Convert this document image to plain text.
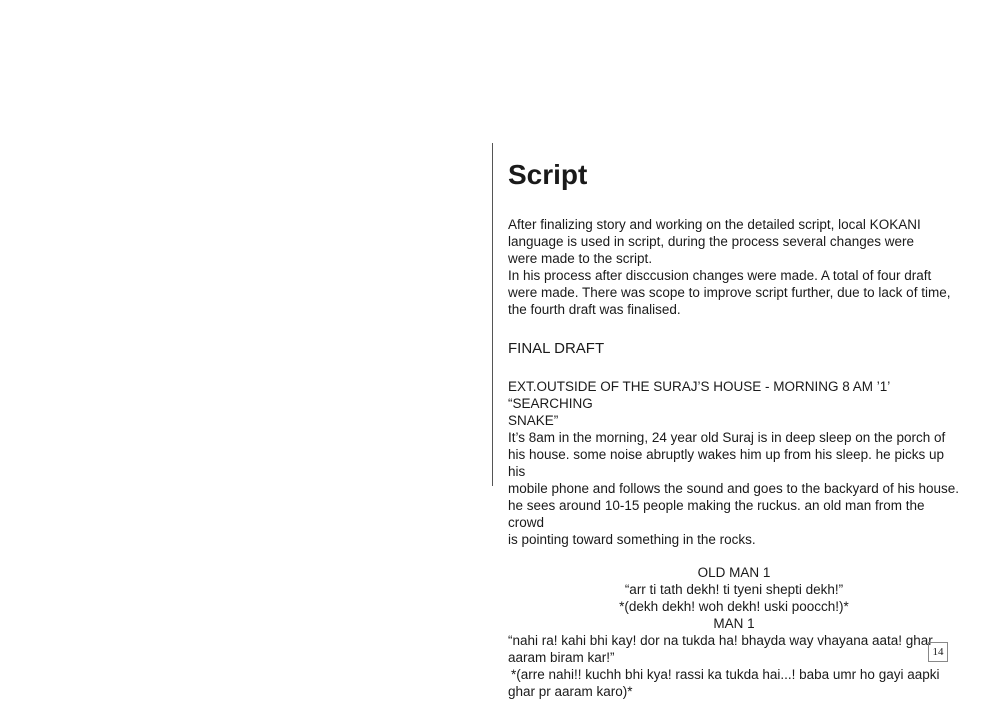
Script

After finalizing story and working on the detailed script, local KOKANI

language is used in script, during the process several changes were

were made to the script.

In his process after disccusion changes were made. A total of four draft

were made. There was scope to improve script further, due to lack of time,

the fourth draft was finalised.

FINAL DRAFT

EXT.OUTSIDE OF THE SURAJ’S HOUSE - MORNING 8 AM ’1’ “SEARCHING

SNAKE”

It’s 8am in the morning, 24 year old Suraj is in deep sleep on the porch of

his house. some noise abruptly wakes him up from his sleep. he picks up his

mobile phone and follows the sound and goes to the backyard of his house.

he sees around 10-15 people making the ruckus. an old man from the crowd

is pointing toward something in the rocks.

OLD MAN 1

“arr ti tath dekh! ti tyeni shepti dekh!”

*(dekh dekh! woh dekh! uski poocch!)*

MAN 1

“nahi ra! kahi bhi kay! dor na tukda ha! bhayda way vhayana aata! ghar

aaram biram kar!”

*(arre nahi!! kuchh bhi kya! rassi ka tukda hai...! baba umr ho gayi aapki

ghar pr aaram karo)*

14
